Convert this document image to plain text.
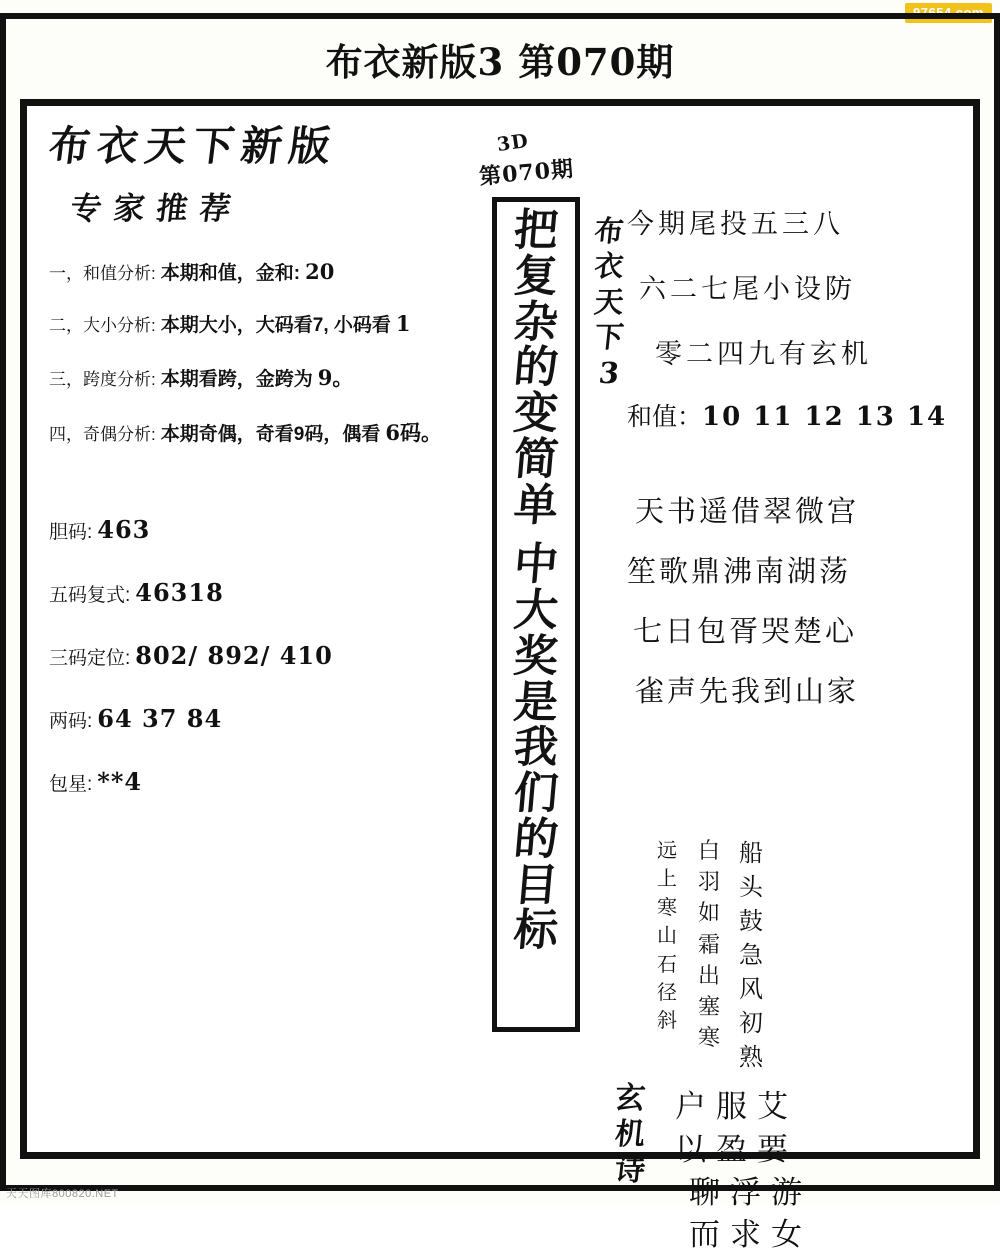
布衣新版3 第070期
布衣天下新版
专家推荐
一，和值分析: 本期和值，金和: 20
二，大小分析: 本期大小，大码看7, 小码看 1
三，跨度分析: 本期看跨，金跨为 9。
四，奇偶分析: 本期奇偶，奇看9码，偶看 6码。
胆码: 463
五码复式: 46318
三码定位: 802/ 892/ 410
两码: 64 37 84
包星: **4
3D
第070期
把
复
杂
的
变
简
单
中
大
奖
是
我
们
的
目
标
布
衣
天
下
3
今期尾投五三八
六二七尾小设防
零二四九有玄机
和值：10 11 12 13 14
天书遥借翠微宫
笙歌鼎沸南湖荡
七日包胥哭楚心
雀声先我到山家
船
头
鼓
急
风
初
熟
白
羽
如
霜
出
塞
寒
远
上
寒
山
石
径
斜
玄
机
诗
户服艾
以盈要
聊浮游
而求女
天天图库800820.NET
